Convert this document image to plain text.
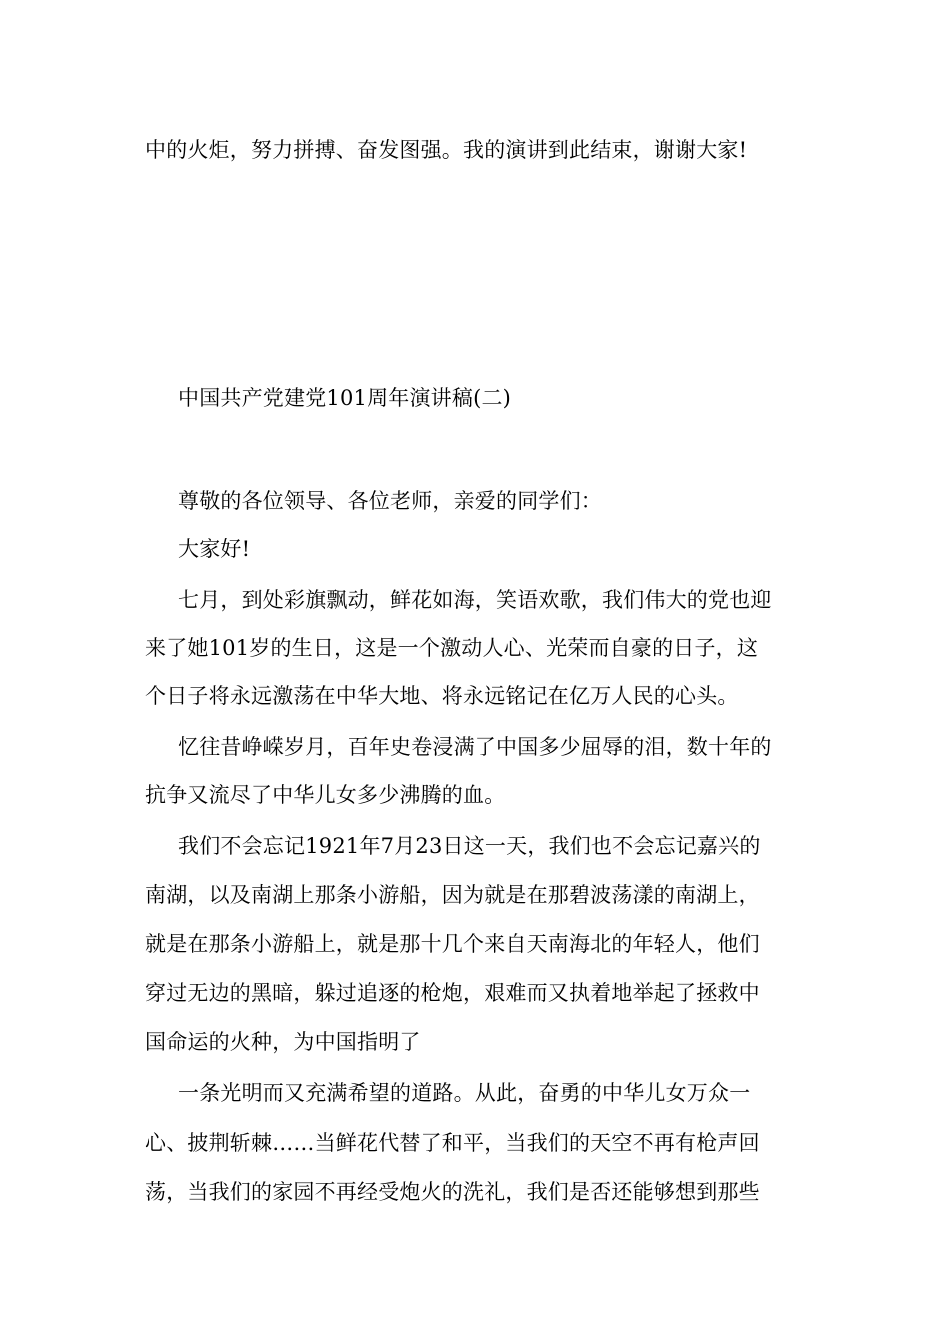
中的火炬，努力拼搏、奋发图强。我的演讲到此结束，谢谢大家!
中国共产党建党101周年演讲稿(二)
尊敬的各位领导、各位老师，亲爱的同学们：
大家好!
七月，到处彩旗飘动，鲜花如海，笑语欢歌，我们伟大的党也迎
来了她101岁的生日，这是一个激动人心、光荣而自豪的日子，这
个日子将永远激荡在中华大地、将永远铭记在亿万人民的心头。
忆往昔峥嵘岁月，百年史卷浸满了中国多少屈辱的泪，数十年的
抗争又流尽了中华儿女多少沸腾的血。
我们不会忘记1921年7月23日这一天，我们也不会忘记嘉兴的
南湖，以及南湖上那条小游船，因为就是在那碧波荡漾的南湖上，
就是在那条小游船上，就是那十几个来自天南海北的年轻人，他们
穿过无边的黑暗，躲过追逐的枪炮，艰难而又执着地举起了拯救中
国命运的火种，为中国指明了
一条光明而又充满希望的道路。从此，奋勇的中华儿女万众一
心、披荆斩棘……当鲜花代替了和平，当我们的天空不再有枪声回
荡，当我们的家园不再经受炮火的洗礼，我们是否还能够想到那些
